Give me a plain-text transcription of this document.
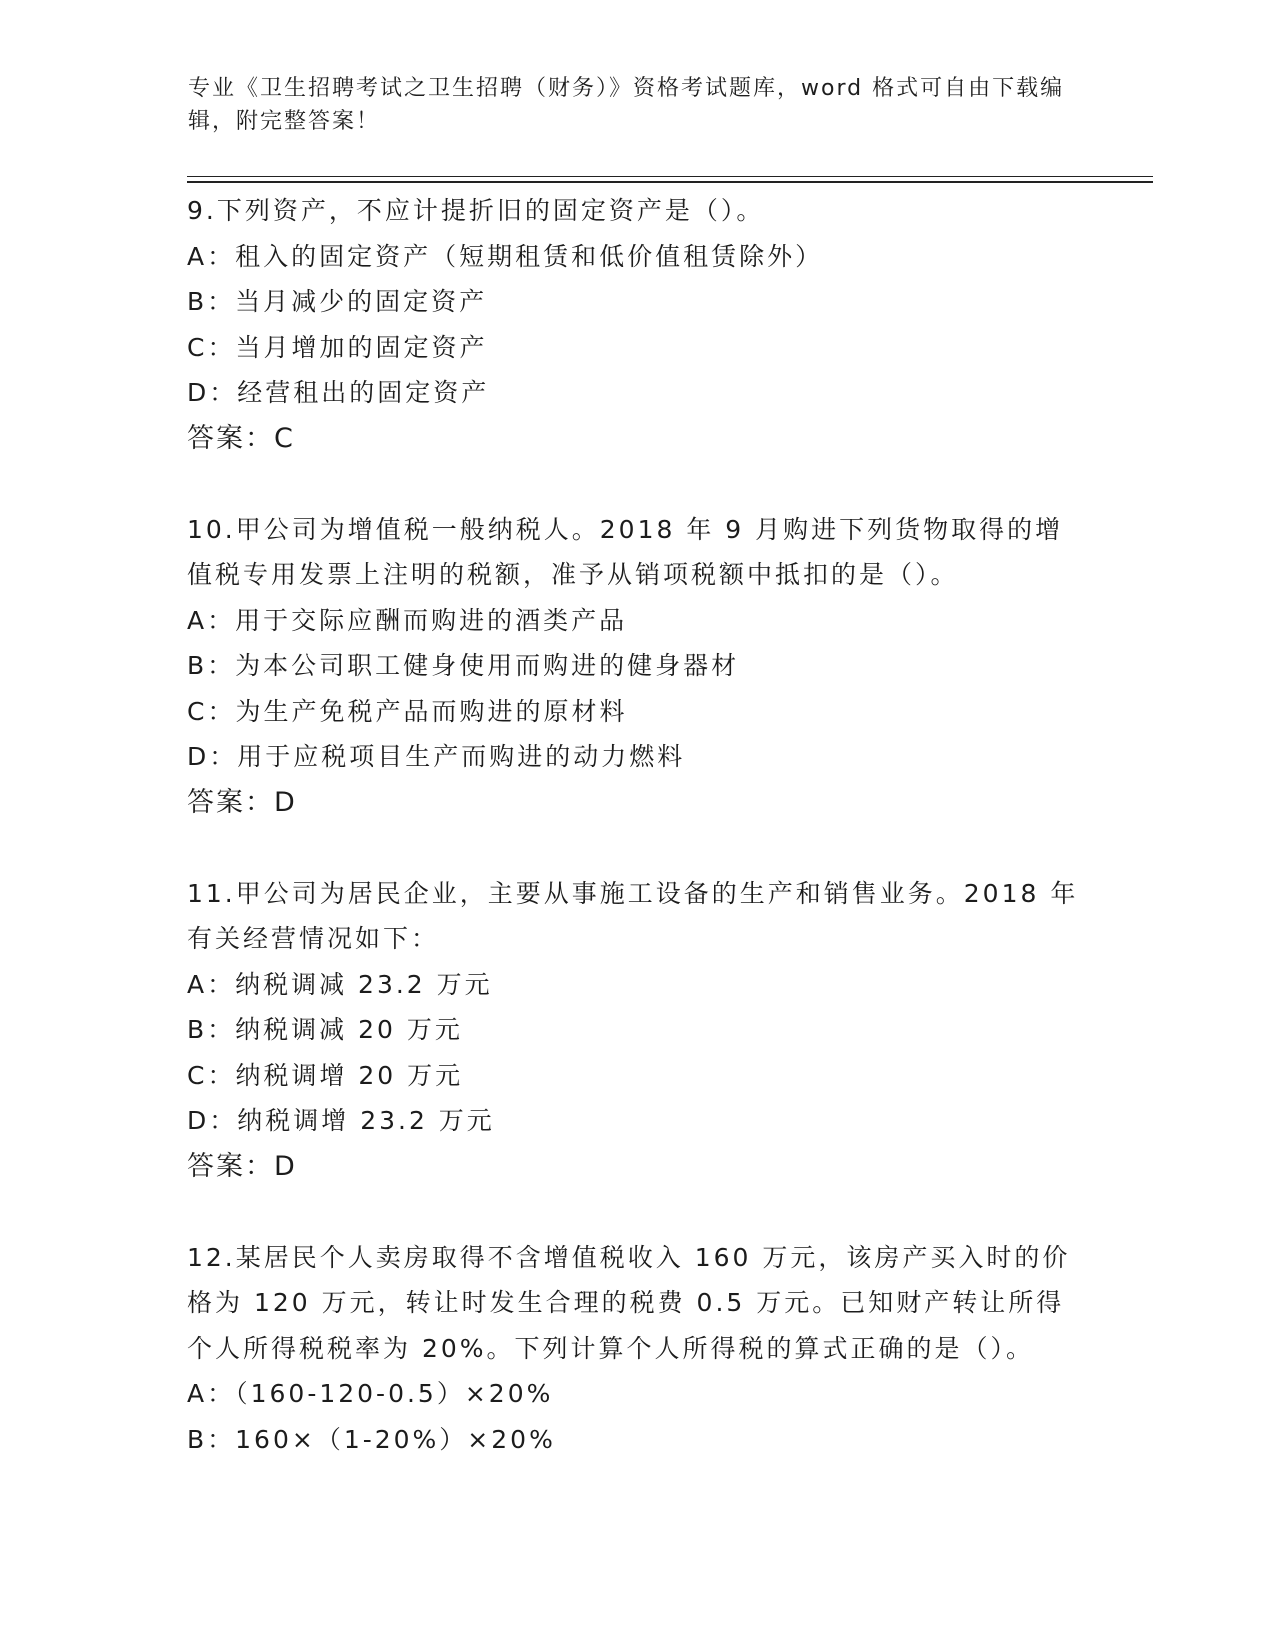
专业《卫生招聘考试之卫生招聘（财务）》资格考试题库，word 格式可自由下载编辑，附完整答案！

9.下列资产，不应计提折旧的固定资产是（）。

A：租入的固定资产（短期租赁和低价值租赁除外）

B：当月减少的固定资产

C：当月增加的固定资产

D：经营租出的固定资产

答案：C

10.甲公司为增值税一般纳税人。2018 年 9 月购进下列货物取得的增值税专用发票上注明的税额，准予从销项税额中抵扣的是（）。

A：用于交际应酬而购进的酒类产品

B：为本公司职工健身使用而购进的健身器材

C：为生产免税产品而购进的原材料

D：用于应税项目生产而购进的动力燃料

答案：D

11.甲公司为居民企业，主要从事施工设备的生产和销售业务。2018 年有关经营情况如下：

A：纳税调减 23.2 万元

B：纳税调减 20 万元

C：纳税调增 20 万元

D：纳税调增 23.2 万元

答案：D

12.某居民个人卖房取得不含增值税收入 160 万元，该房产买入时的价格为 120 万元，转让时发生合理的税费 0.5 万元。已知财产转让所得个人所得税税率为 20%。下列计算个人所得税的算式正确的是（）。

A：（160-120-0.5）×20%

B：160×（1-20%）×20%
